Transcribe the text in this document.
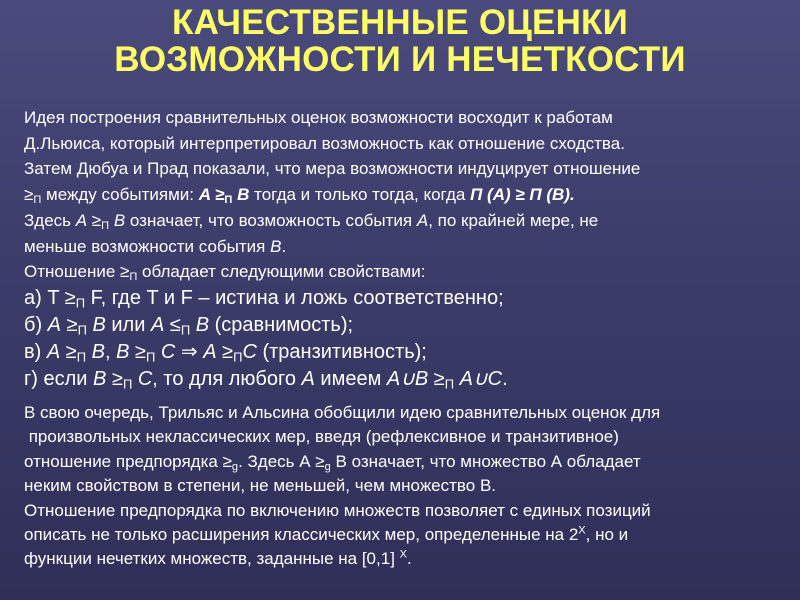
КАЧЕСТВЕННЫЕ ОЦЕНКИ
ВОЗМОЖНОСТИ И НЕЧЕТКОСТИ
Идея построения сравнительных оценок возможности восходит к работам
Д.Льюиса, который интерпретировал возможность как отношение сходства.
Затем Дюбуа и Прад показали, что мера возможности индуцирует отношение
$\ge_П$ между событиями: $A \ge_П$ B тогда и только тогда, когда П (A) ≥ П (B).
Здесь $A \ge_П$ B означает, что возможность события A, по крайней мере, не
меньше возможности события B.
Отношение $\ge_П$ обладает следующими свойствами:
а) $T \ge_П$ F, где T и F – истина и ложь соответственно;
б) $A \ge_П$ B или $A \le_П$ B (сравнимость);
в) $A \ge_П$ B, $B \ge_П$ C ⇒ $A \ge_ПC$ (транзитивность);
г) если $B \ge_П$ C, то для любого A имеем A∪B $\ge_П$ A∪C.
В свою очередь, Трильяс и Альсина обобщили идею сравнительных оценок для
произвольных неклассических мер, введя (рефлексивное и транзитивное)
отношение предпорядка $\ge_g$. Здесь $А \ge_g$ В означает, что множество А обладает
неким свойством в степени, не меньшей, чем множество В.
Отношение предпорядка по включению множеств позволяет с единых позиций
описать не только расширения классических мер, определенные на $2^X$, но и
функции нечетких множеств, заданные на [0,1] $^X$.
